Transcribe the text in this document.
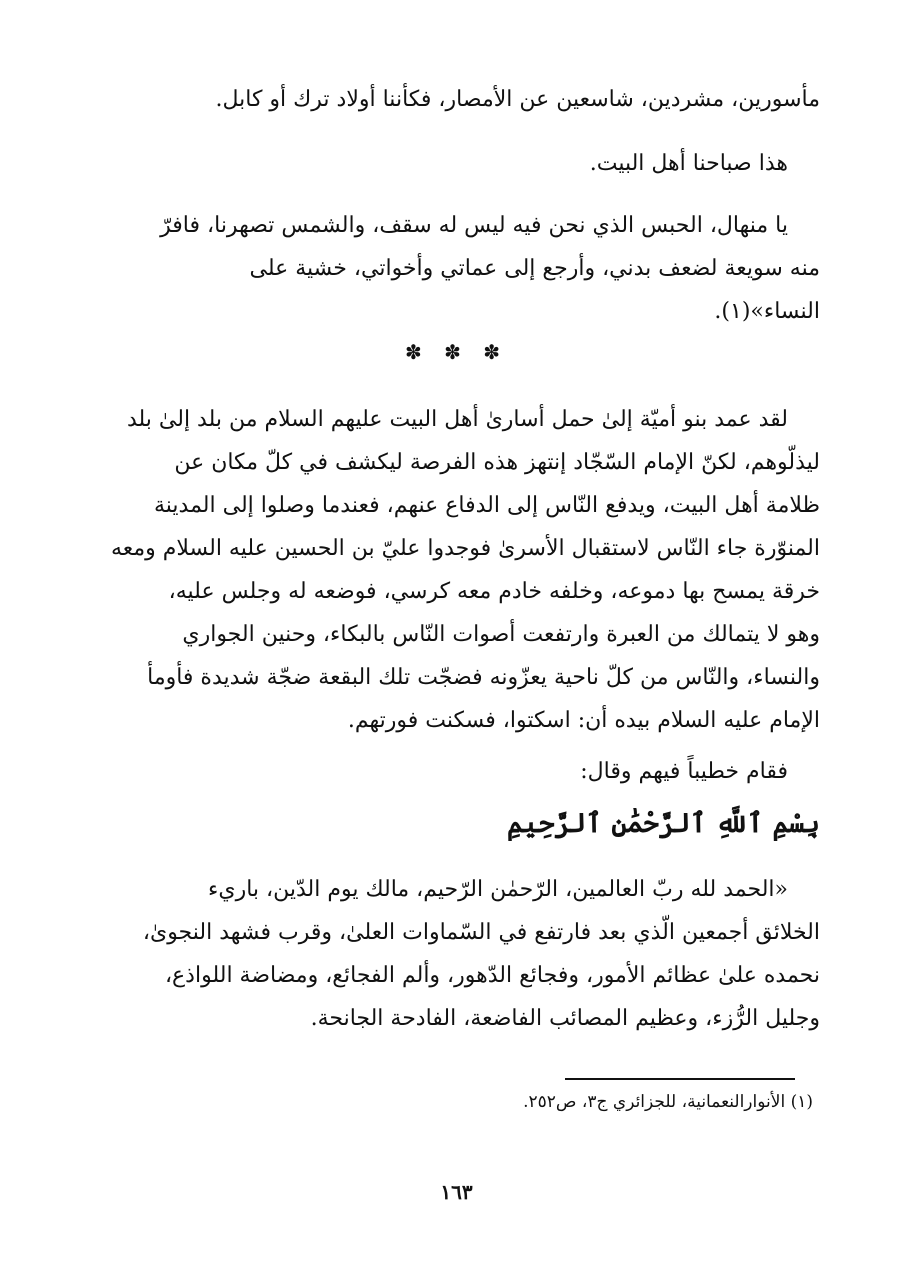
مأسورين، مشردين، شاسعين عن الأمصار، فكأننا أولاد ترك أو كابل.
هذا صباحنا أهل البيت.
يا منهال، الحبس الذي نحن فيه ليس له سقف، والشمس تصهرنا، فافرّ
منه سويعة لضعف بدني، وأرجع إلى عماتي وأخواتي، خشية على
النساء»(١).
✽ ✽ ✽
لقد عمد بنو أميّة إلىٰ حمل أسارىٰ أهل البيت عليهم السلام من بلد إلىٰ بلد
ليذلّوهم، لكنّ الإمام السّجّاد إنتهز هذه الفرصة ليكشف في كلّ مكان عن
ظلامة أهل البيت، ويدفع النّاس إلى الدفاع عنهم، فعندما وصلوا إلى المدينة
المنوّرة جاء النّاس لاستقبال الأسرىٰ فوجدوا عليّ بن الحسين عليه السلام ومعه
خرقة يمسح بها دموعه، وخلفه خادم معه كرسي، فوضعه له وجلس عليه،
وهو لا يتمالك من العبرة وارتفعت أصوات النّاس بالبكاء، وحنين الجواري
والنساء، والنّاس من كلّ ناحية يعزّونه فضجّت تلك البقعة ضجّة شديدة فأومأ
الإمام عليه السلام بيده أن: اسكتوا، فسكنت فورتهم.
فقام خطيباً فيهم وقال:
بِسْمِ ٱللَّهِ ٱلرَّحْمَٰنِ ٱلرَّحِيمِ
«الحمد لله ربّ العالمين، الرّحمٰن الرّحيم، مالك يوم الدّين، باريء
الخلائق أجمعين الّذي بعد فارتفع في السّماوات العلىٰ، وقرب فشهد النجوىٰ،
نحمده علىٰ عظائم الأمور، وفجائع الدّهور، وألم الفجائع، ومضاضة اللواذع،
وجليل الرُّزء، وعظيم المصائب الفاضعة، الفادحة الجانحة.
(١) الأنوارالنعمانية، للجزائري ج٣، ص٢٥٢.
١٦٣
